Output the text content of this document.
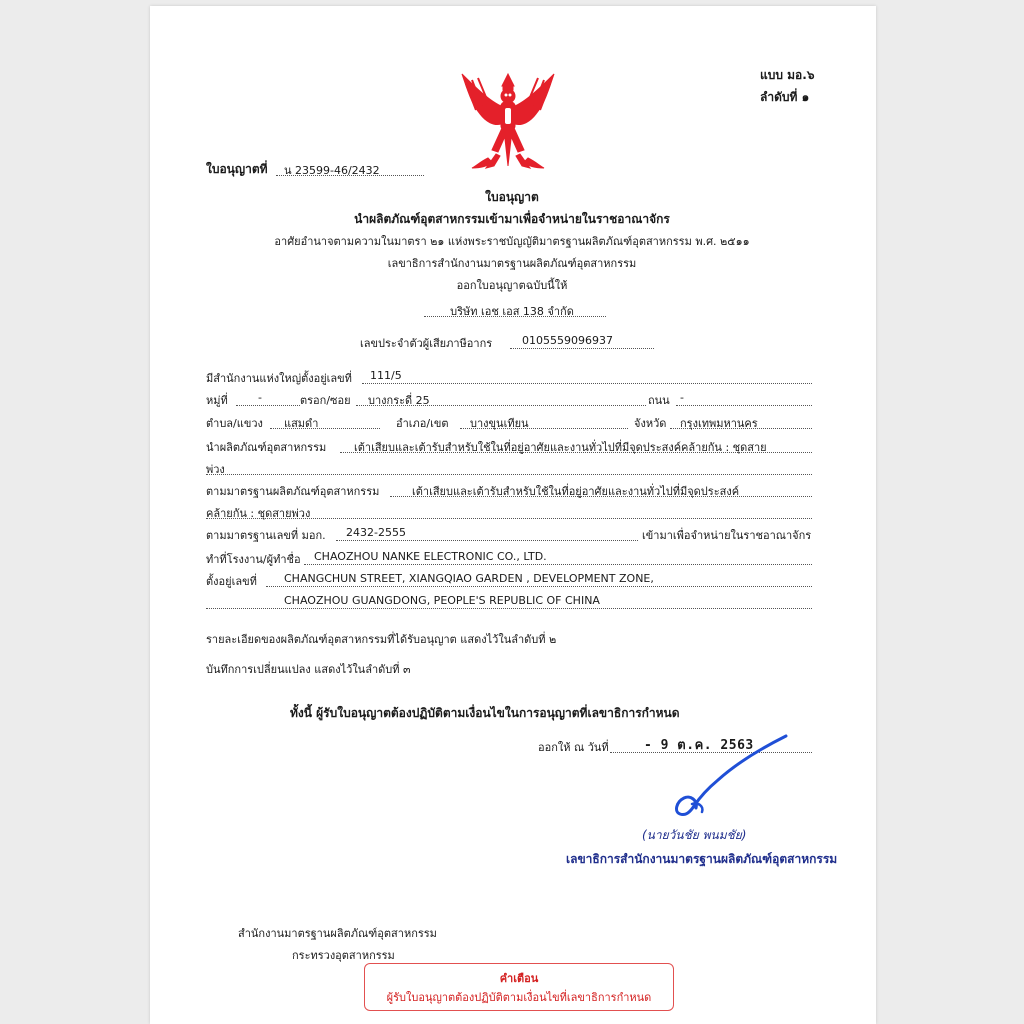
แบบ มอ.๖
ลำดับที่ ๑
ใบอนุญาตที่ น 23599-46/2432
ใบอนุญาต
นำผลิตภัณฑ์อุตสาหกรรมเข้ามาเพื่อจำหน่ายในราชอาณาจักร
อาศัยอำนาจตามความในมาตรา ๒๑ แห่งพระราชบัญญัติมาตรฐานผลิตภัณฑ์อุตสาหกรรม พ.ศ. ๒๕๑๑
เลขาธิการสำนักงานมาตรฐานผลิตภัณฑ์อุตสาหกรรม
ออกใบอนุญาตฉบับนี้ให้
บริษัท เอช เอส 138 จำกัด
เลขประจำตัวผู้เสียภาษีอากร	0105559096937
มีสำนักงานแห่งใหญ่ตั้งอยู่เลขที่ 111/5
หมู่ที่	-	ตรอก/ซอย บางกระดี่ 25	ถนน -
ตำบล/แขวง แสมดำ	อำเภอ/เขต บางขุนเทียน	จังหวัด กรุงเทพมหานคร
นำผลิตภัณฑ์อุตสาหกรรม	เต้าเสียบและเต้ารับสำหรับใช้ในที่อยู่อาศัยและงานทั่วไปที่มีจุดประสงค์คล้ายกัน : ชุดสาย
พ่วง
ตามมาตรฐานผลิตภัณฑ์อุตสาหกรรม	เต้าเสียบและเต้ารับสำหรับใช้ในที่อยู่อาศัยและงานทั่วไปที่มีจุดประสงค์
คล้ายกัน : ชุดสายพ่วง
ตามมาตรฐานเลขที่ มอก. 2432-2555	เข้ามาเพื่อจำหน่ายในราชอาณาจักร
ทำที่โรงงาน/ผู้ทำชื่อ CHAOZHOU NANKE ELECTRONIC CO., LTD.
ตั้งอยู่เลขที่ CHANGCHUN STREET, XIANGQIAO GARDEN , DEVELOPMENT ZONE,
CHAOZHOU GUANGDONG, PEOPLE'S REPUBLIC OF CHINA
รายละเอียดของผลิตภัณฑ์อุตสาหกรรมที่ได้รับอนุญาต แสดงไว้ในลำดับที่ ๒
บันทึกการเปลี่ยนแปลง แสดงไว้ในลำดับที่ ๓
ทั้งนี้ ผู้รับใบอนุญาตต้องปฏิบัติตามเงื่อนไขในการอนุญาตที่เลขาธิการกำหนด
ออกให้ ณ วันที่	- 9 ต.ค. 2563
(นายวันชัย พนมชัย)
เลขาธิการสำนักงานมาตรฐานผลิตภัณฑ์อุตสาหกรรม
สำนักงานมาตรฐานผลิตภัณฑ์อุตสาหกรรม
กระทรวงอุตสาหกรรม
คำเตือน
ผู้รับใบอนุญาตต้องปฏิบัติตามเงื่อนไขที่เลขาธิการกำหนด
